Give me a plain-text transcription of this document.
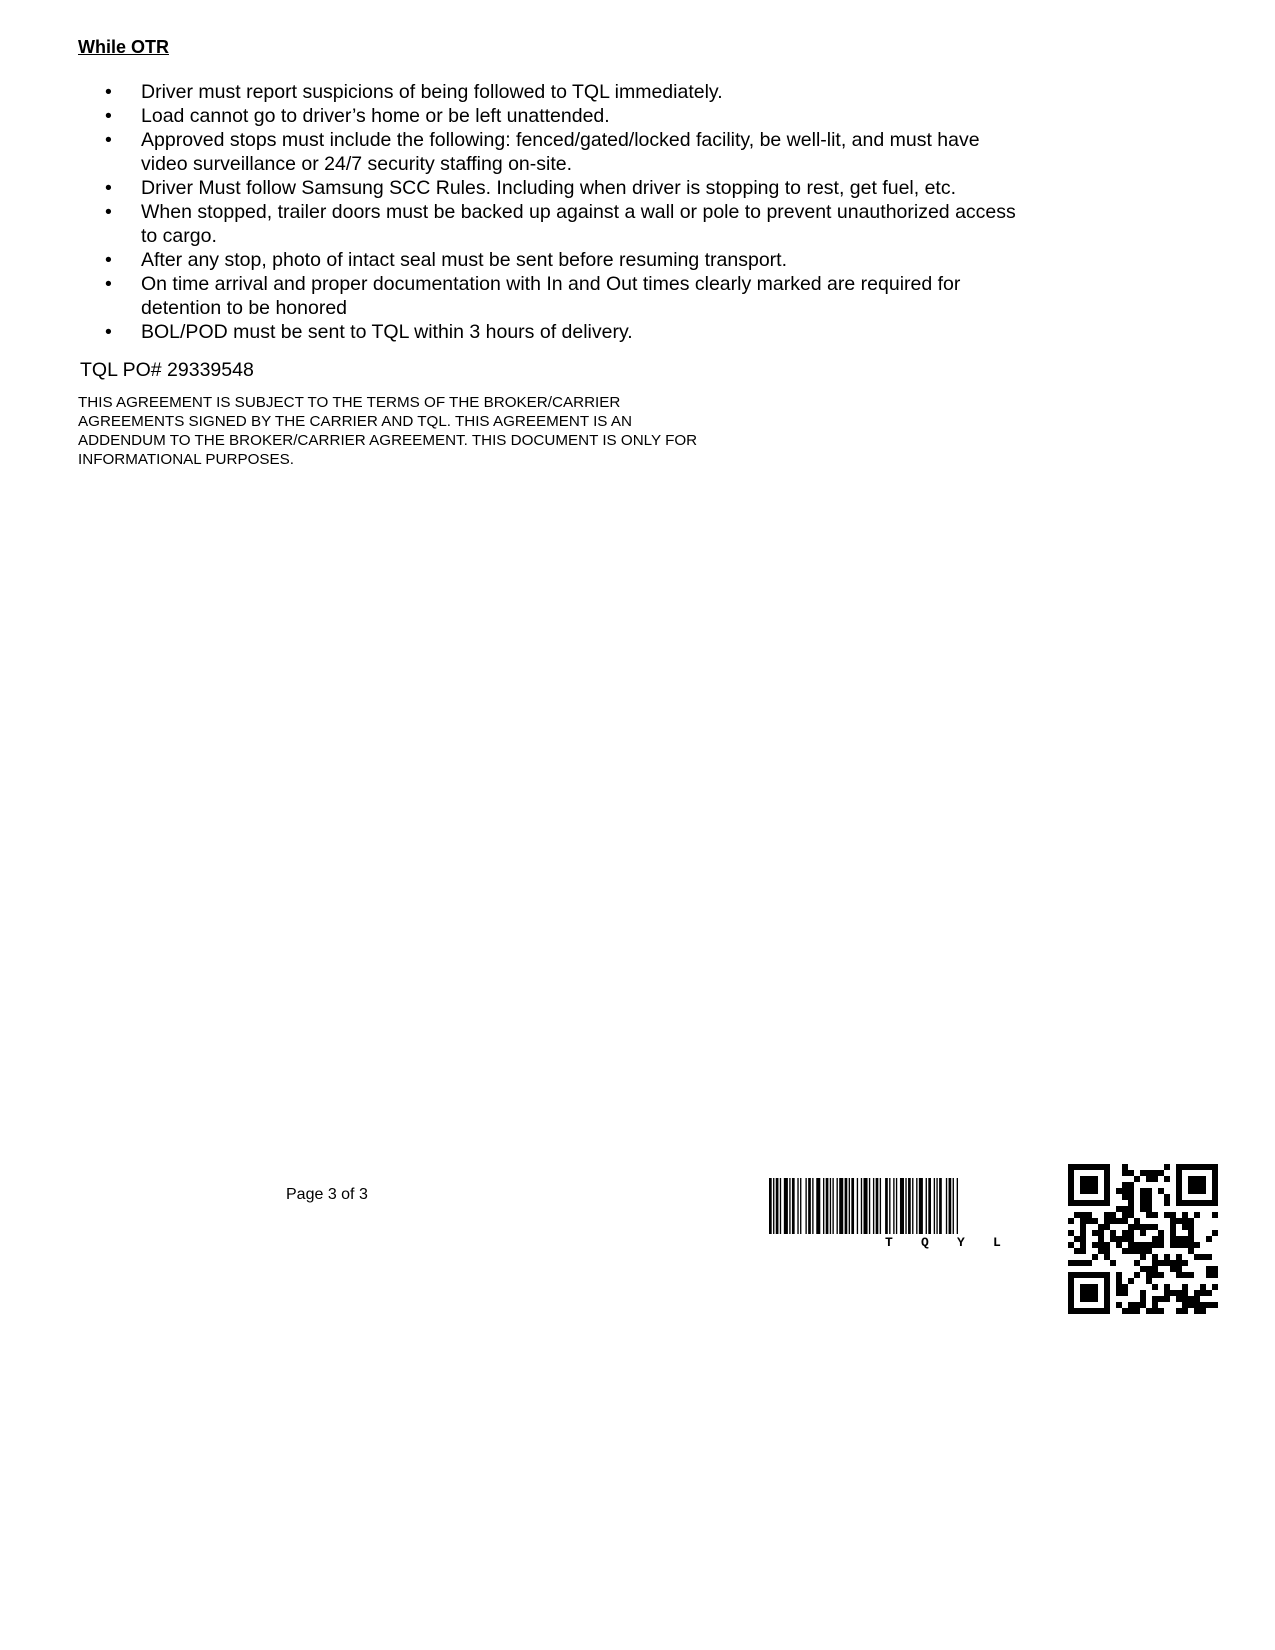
While OTR
• Driver must report suspicions of being followed to TQL immediately.
• Load cannot go to driver’s home or be left unattended.
• Approved stops must include the following: fenced/gated/locked facility, be well-lit, and must have
video surveillance or 24/7 security staffing on-site.
• Driver Must follow Samsung SCC Rules. Including when driver is stopping to rest, get fuel, etc.
• When stopped, trailer doors must be backed up against a wall or pole to prevent unauthorized access
to cargo.
• After any stop, photo of intact seal must be sent before resuming transport.
• On time arrival and proper documentation with In and Out times clearly marked are required for
detention to be honored
• BOL/POD must be sent to TQL within 3 hours of delivery.
TQL PO# 29339548
THIS AGREEMENT IS SUBJECT TO THE TERMS OF THE BROKER/CARRIER
AGREEMENTS SIGNED BY THE CARRIER AND TQL. THIS AGREEMENT IS AN
ADDENDUM TO THE BROKER/CARRIER AGREEMENT. THIS DOCUMENT IS ONLY FOR
INFORMATIONAL PURPOSES.
Page 3 of 3
T Q Y L
